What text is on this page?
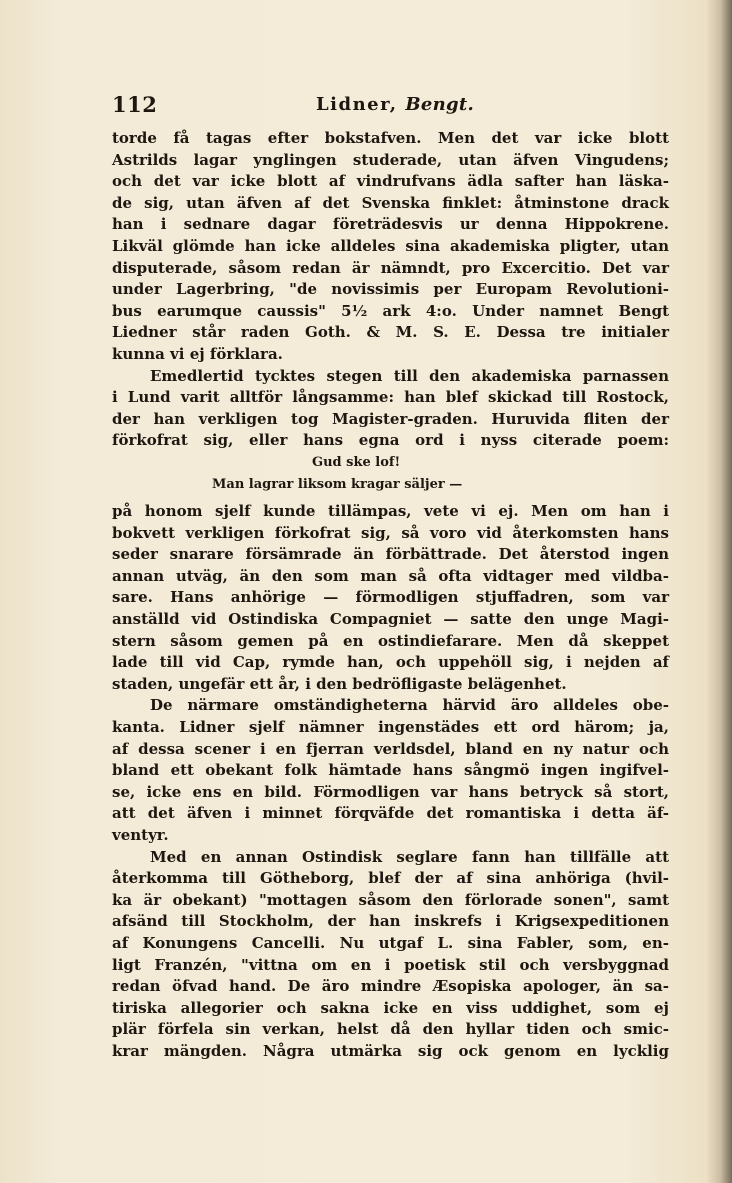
112	Lidner, Bengt.
torde få tagas efter bokstafven. Men det var icke blott
Astrilds lagar ynglingen studerade, utan äfven Vingudens;
och det var icke blott af vindrufvans ädla safter han läska-
de sig, utan äfven af det Svenska finklet: åtminstone drack
han i sednare dagar företrädesvis ur denna Hippokrene.
Likväl glömde han icke alldeles sina akademiska pligter, utan
disputerade, såsom redan är nämndt, pro Excercitio. Det var
under Lagerbring, "de novissimis per Europam Revolutioni-
bus earumque caussis" 5½ ark 4:o. Under namnet Bengt
Liedner står raden Goth. & M. S. E. Dessa tre initialer
kunna vi ej förklara.
Emedlertid tycktes stegen till den akademiska parnassen
i Lund varit alltför långsamme: han blef skickad till Rostock,
der han verkligen tog Magister-graden. Huruvida fliten der
förkofrat sig, eller hans egna ord i nyss citerade poem:
Gud ske lof!
Man lagrar liksom kragar säljer —
på honom sjelf kunde tillämpas, vete vi ej. Men om han i
bokvett verkligen förkofrat sig, så voro vid återkomsten hans
seder snarare försämrade än förbättrade. Det återstod ingen
annan utväg, än den som man så ofta vidtager med vildba-
sare. Hans anhörige — förmodligen stjuffadren, som var
anställd vid Ostindiska Compagniet — satte den unge Magi-
stern såsom gemen på en ostindiefarare. Men då skeppet
lade till vid Cap, rymde han, och uppehöll sig, i nejden af
staden, ungefär ett år, i den bedröfligaste belägenhet.
De närmare omständigheterna härvid äro alldeles obe-
kanta. Lidner sjelf nämner ingenstädes ett ord härom; ja,
af dessa scener i en fjerran verldsdel, bland en ny natur och
bland ett obekant folk hämtade hans sångmö ingen ingifvel-
se, icke ens en bild. Förmodligen var hans betryck så stort,
att det äfven i minnet förqväfde det romantiska i detta äf-
ventyr.
Med en annan Ostindisk seglare fann han tillfälle att
återkomma till Götheborg, blef der af sina anhöriga (hvil-
ka är obekant) "mottagen såsom den förlorade sonen", samt
afsänd till Stockholm, der han inskrefs i Krigsexpeditionen
af Konungens Cancelli. Nu utgaf L. sina Fabler, som, en-
ligt Franzén, "vittna om en i poetisk stil och versbyggnad
redan öfvad hand. De äro mindre Æsopiska apologer, än sa-
tiriska allegorier och sakna icke en viss uddighet, som ej
plär förfela sin verkan, helst då den hyllar tiden och smic-
krar mängden. Några utmärka sig ock genom en lycklig
